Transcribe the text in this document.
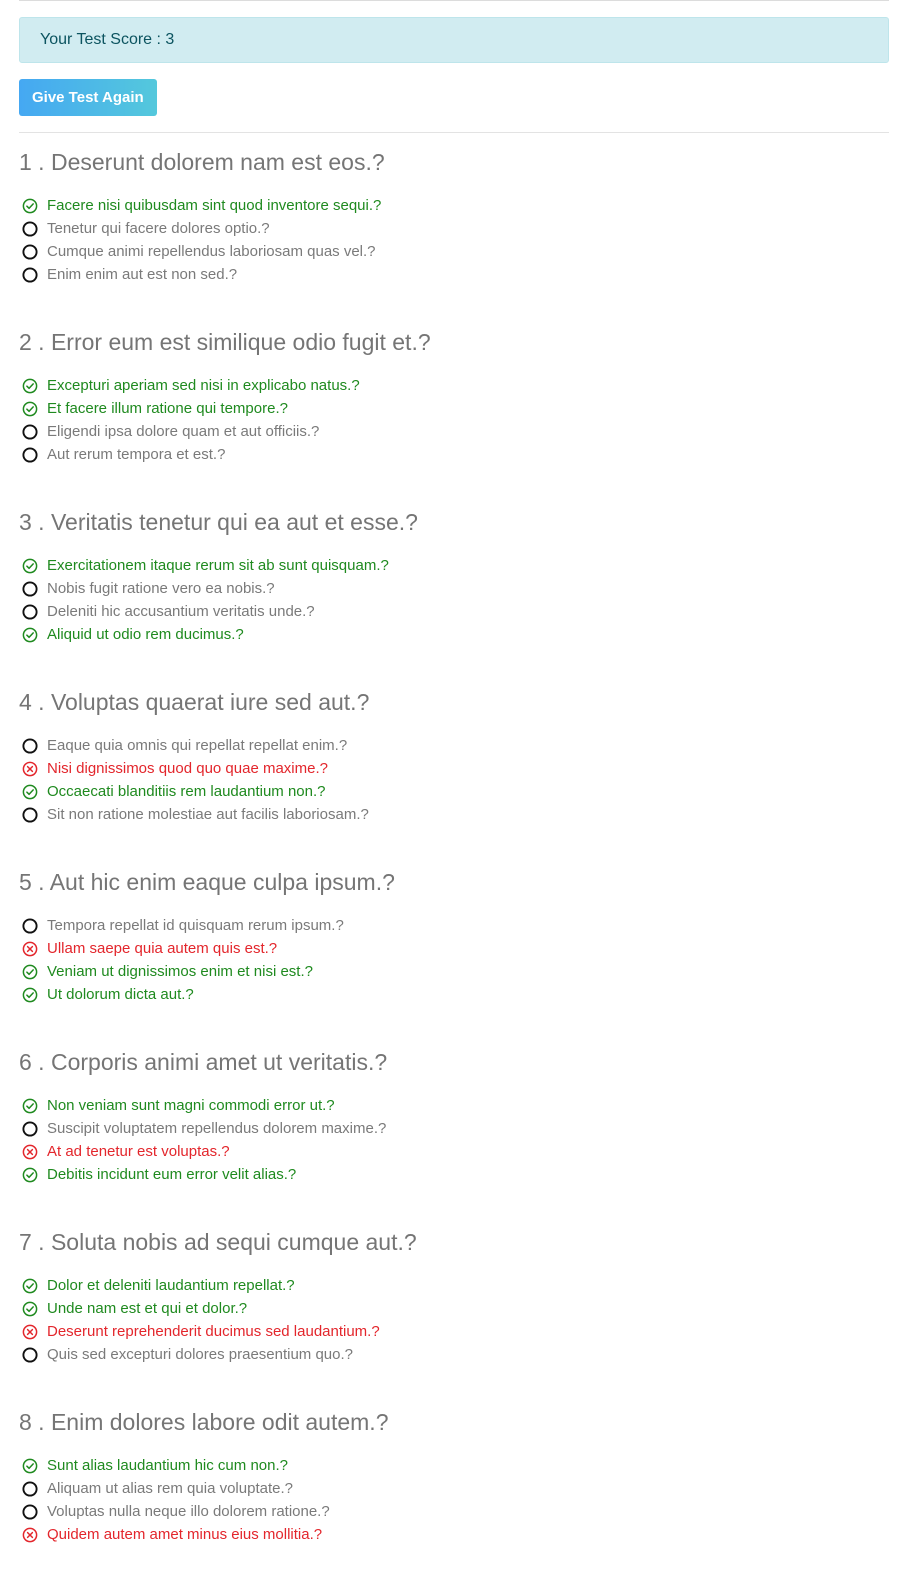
Your Test Score : 3
Give Test Again
1 . Deserunt dolorem nam est eos.?
Facere nisi quibusdam sint quod inventore sequi.?
Tenetur qui facere dolores optio.?
Cumque animi repellendus laboriosam quas vel.?
Enim enim aut est non sed.?
2 . Error eum est similique odio fugit et.?
Excepturi aperiam sed nisi in explicabo natus.?
Et facere illum ratione qui tempore.?
Eligendi ipsa dolore quam et aut officiis.?
Aut rerum tempora et est.?
3 . Veritatis tenetur qui ea aut et esse.?
Exercitationem itaque rerum sit ab sunt quisquam.?
Nobis fugit ratione vero ea nobis.?
Deleniti hic accusantium veritatis unde.?
Aliquid ut odio rem ducimus.?
4 . Voluptas quaerat iure sed aut.?
Eaque quia omnis qui repellat repellat enim.?
Nisi dignissimos quod quo quae maxime.?
Occaecati blanditiis rem laudantium non.?
Sit non ratione molestiae aut facilis laboriosam.?
5 . Aut hic enim eaque culpa ipsum.?
Tempora repellat id quisquam rerum ipsum.?
Ullam saepe quia autem quis est.?
Veniam ut dignissimos enim et nisi est.?
Ut dolorum dicta aut.?
6 . Corporis animi amet ut veritatis.?
Non veniam sunt magni commodi error ut.?
Suscipit voluptatem repellendus dolorem maxime.?
At ad tenetur est voluptas.?
Debitis incidunt eum error velit alias.?
7 . Soluta nobis ad sequi cumque aut.?
Dolor et deleniti laudantium repellat.?
Unde nam est et qui et dolor.?
Deserunt reprehenderit ducimus sed laudantium.?
Quis sed excepturi dolores praesentium quo.?
8 . Enim dolores labore odit autem.?
Sunt alias laudantium hic cum non.?
Aliquam ut alias rem quia voluptate.?
Voluptas nulla neque illo dolorem ratione.?
Quidem autem amet minus eius mollitia.?
